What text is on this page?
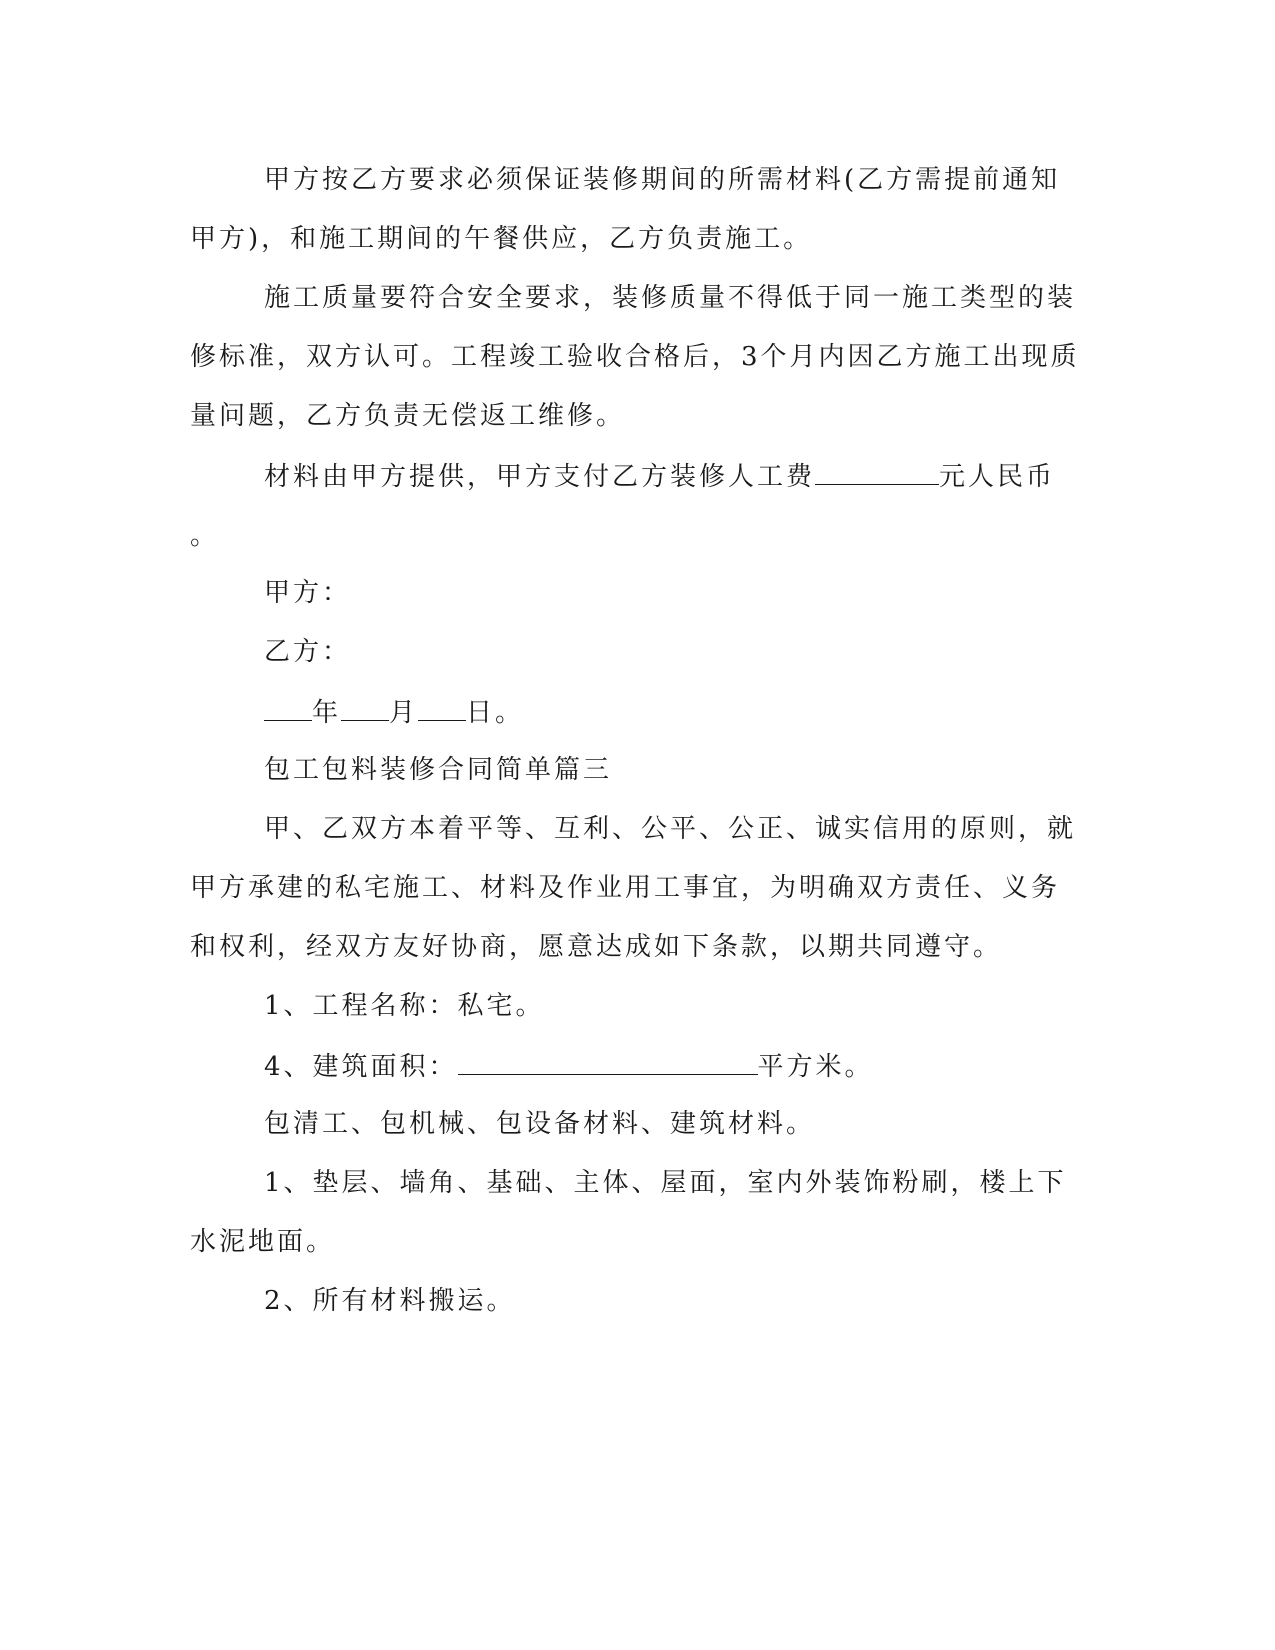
甲方按乙方要求必须保证装修期间的所需材料(乙方需提前通知
甲方)，和施工期间的午餐供应，乙方负责施工。
施工质量要符合安全要求，装修质量不得低于同一施工类型的装
修标准，双方认可。工程竣工验收合格后，3个月内因乙方施工出现质
量问题，乙方负责无偿返工维修。
材料由甲方提供，甲方支付乙方装修人工费	元人民币
。
甲方：
乙方：
年 月 日。
包工包料装修合同简单篇三
甲、乙双方本着平等、互利、公平、公正、诚实信用的原则，就
甲方承建的私宅施工、材料及作业用工事宜，为明确双方责任、义务
和权利，经双方友好协商，愿意达成如下条款，以期共同遵守。
1、工程名称：私宅。
4、建筑面积：	平方米。
包清工、包机械、包设备材料、建筑材料。
1、垫层、墙角、基础、主体、屋面，室内外装饰粉刷，楼上下
水泥地面。
2、所有材料搬运。
